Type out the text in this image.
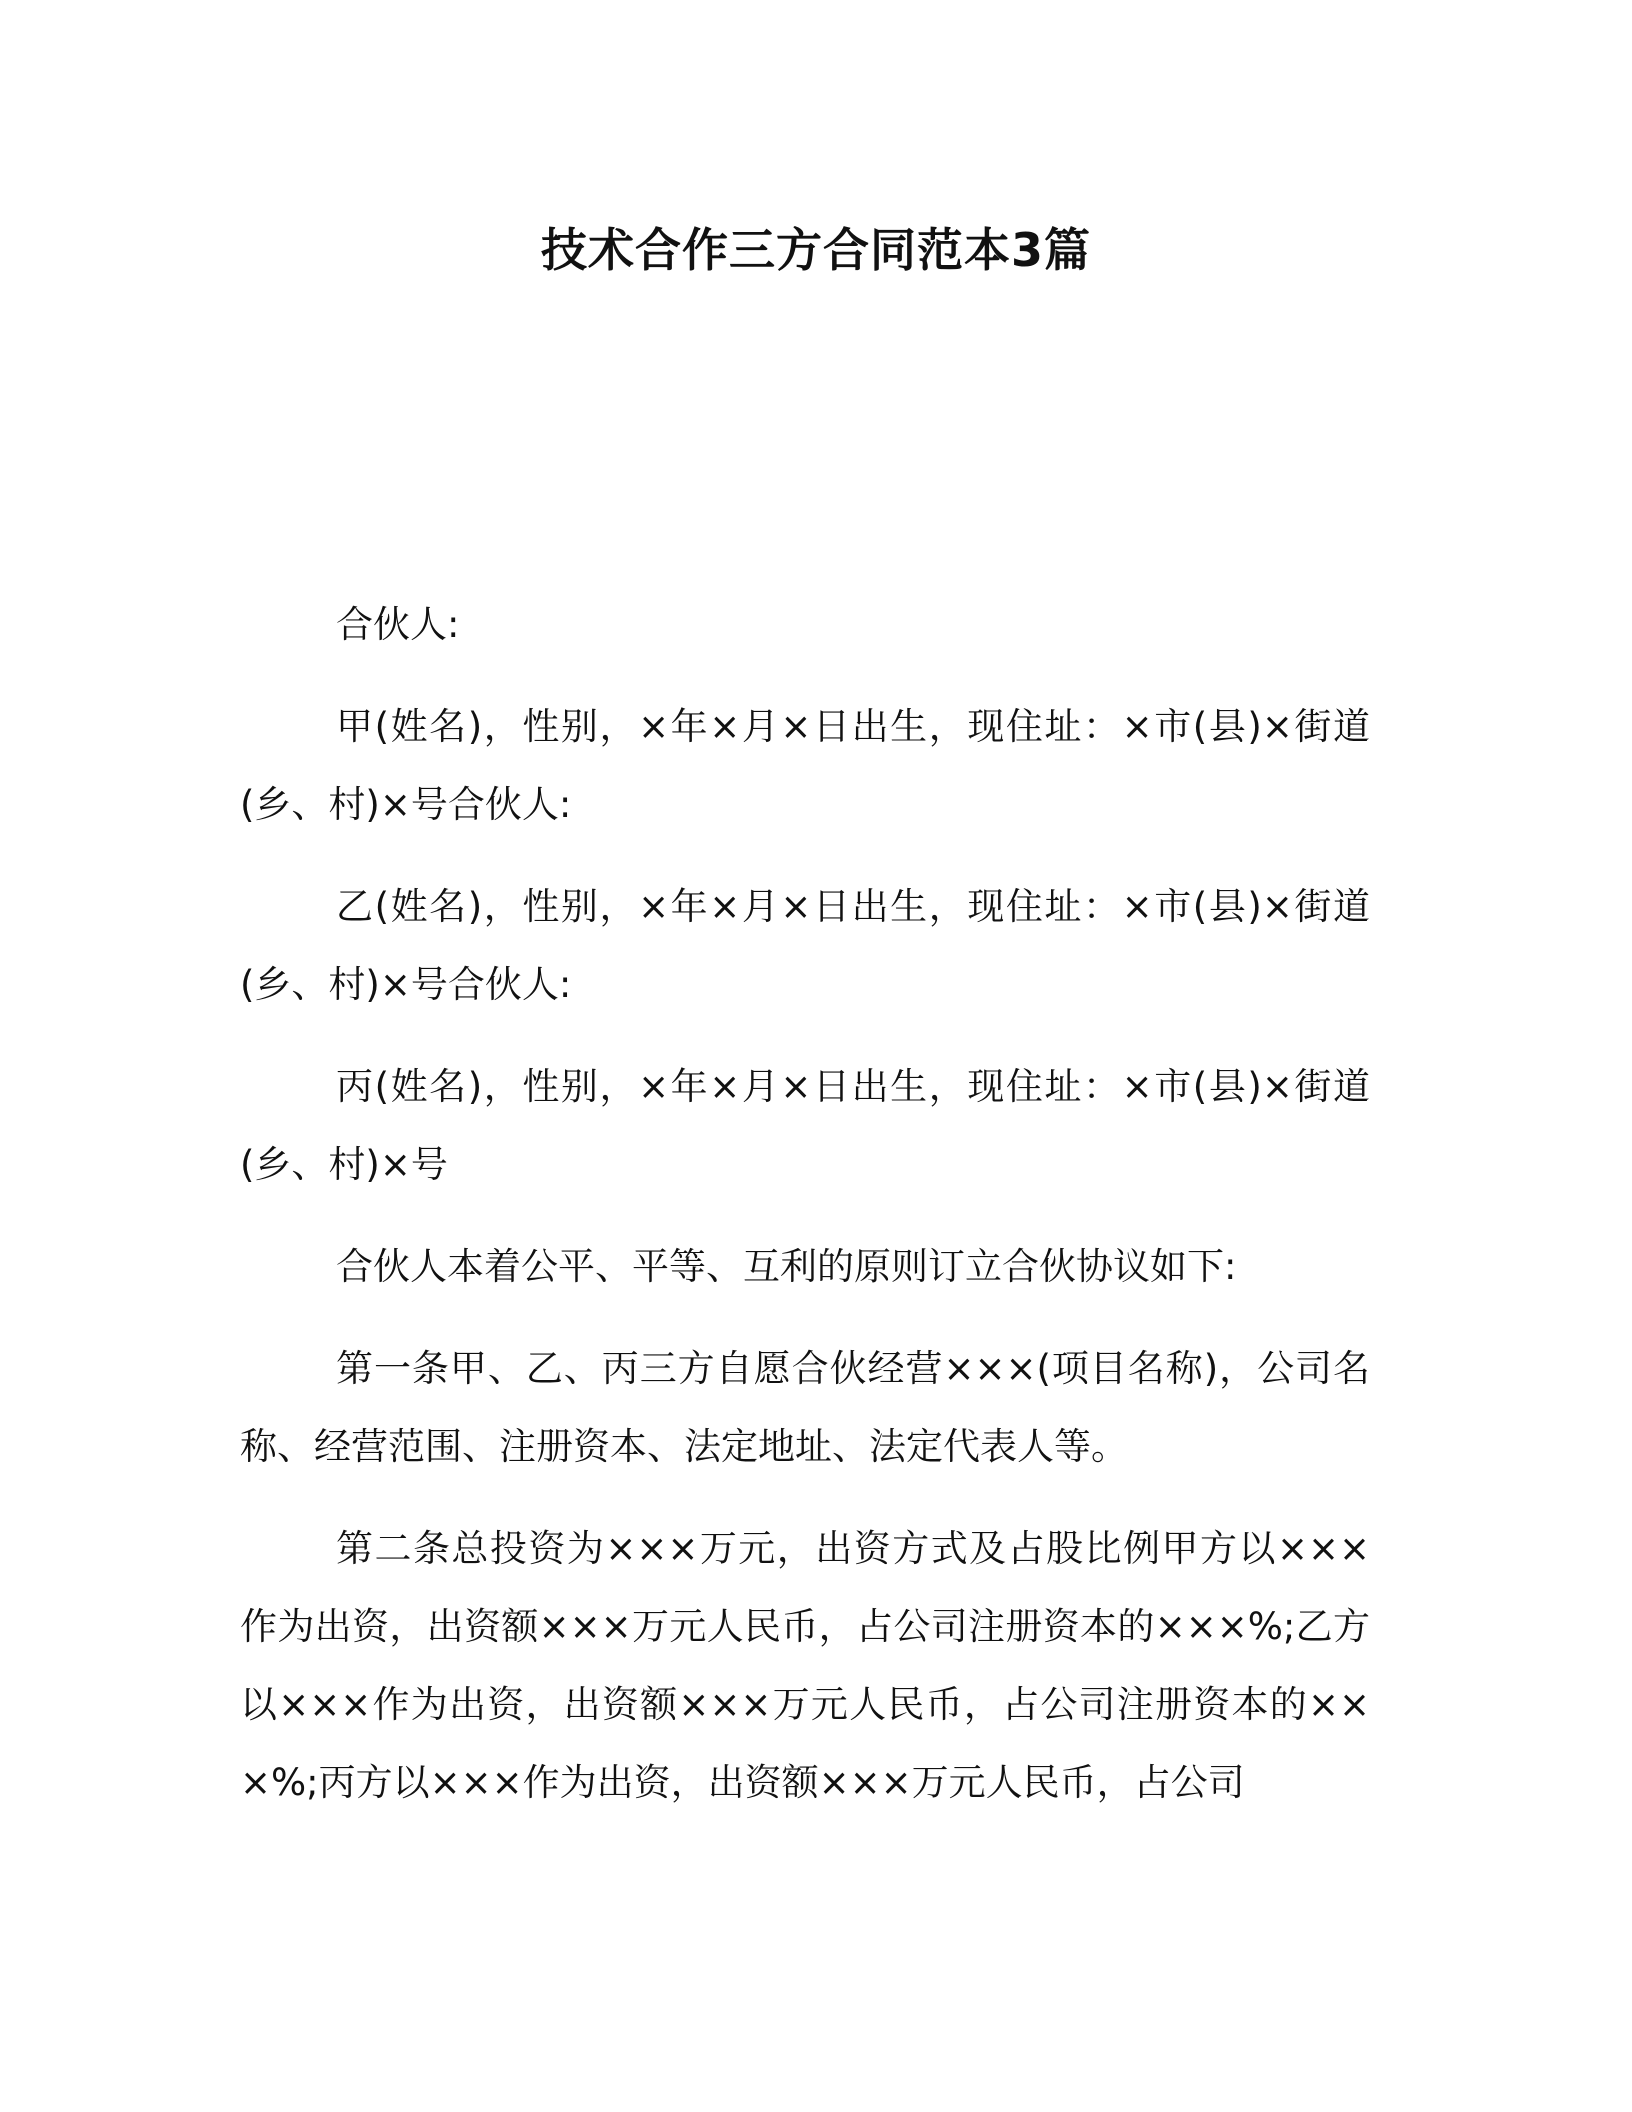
技术合作三方合同范本3篇

合伙人:

甲(姓名)，性别，×年×月×日出生，现住址：×市(县)×街道(乡、村)×号合伙人:

乙(姓名)，性别，×年×月×日出生，现住址：×市(县)×街道(乡、村)×号合伙人:

丙(姓名)，性别，×年×月×日出生，现住址：×市(县)×街道(乡、村)×号

合伙人本着公平、平等、互利的原则订立合伙协议如下:

第一条甲、乙、丙三方自愿合伙经营×××(项目名称)，公司名称、经营范围、注册资本、法定地址、法定代表人等。

第二条总投资为×××万元，出资方式及占股比例甲方以×××作为出资，出资额×××万元人民币，占公司注册资本的×××%;乙方以×××作为出资，出资额×××万元人民币，占公司注册资本的×××%;丙方以×××作为出资，出资额×××万元人民币，占公司
